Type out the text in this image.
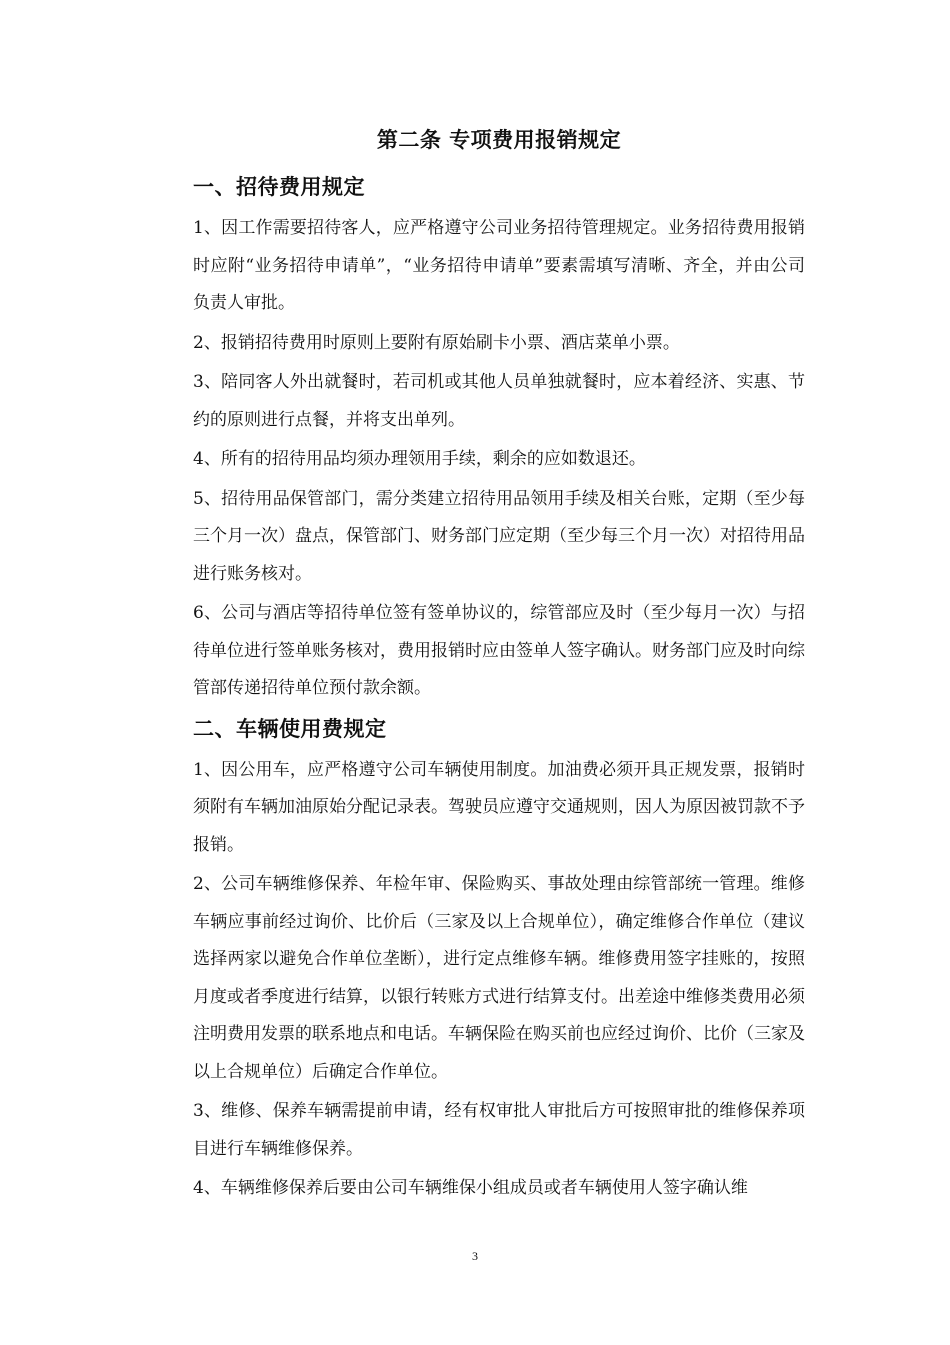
第二条 专项费用报销规定
一、招待费用规定

1、因工作需要招待客人，应严格遵守公司业务招待管理规定。业务招待费用报销时应附“业务招待申请单”，“业务招待申请单”要素需填写清晰、齐全，并由公司负责人审批。

2、报销招待费用时原则上要附有原始刷卡小票、酒店菜单小票。

3、陪同客人外出就餐时，若司机或其他人员单独就餐时，应本着经济、实惠、节约的原则进行点餐，并将支出单列。

4、所有的招待用品均须办理领用手续，剩余的应如数退还。

5、招待用品保管部门，需分类建立招待用品领用手续及相关台账，定期（至少每三个月一次）盘点，保管部门、财务部门应定期（至少每三个月一次）对招待用品进行账务核对。

6、公司与酒店等招待单位签有签单协议的，综管部应及时（至少每月一次）与招待单位进行签单账务核对，费用报销时应由签单人签字确认。财务部门应及时向综管部传递招待单位预付款余额。

二、车辆使用费规定

1、因公用车，应严格遵守公司车辆使用制度。加油费必须开具正规发票，报销时须附有车辆加油原始分配记录表。驾驶员应遵守交通规则，因人为原因被罚款不予报销。

2、公司车辆维修保养、年检年审、保险购买、事故处理由综管部统一管理。维修车辆应事前经过询价、比价后（三家及以上合规单位），确定维修合作单位（建议选择两家以避免合作单位垄断），进行定点维修车辆。维修费用签字挂账的，按照月度或者季度进行结算，以银行转账方式进行结算支付。出差途中维修类费用必须注明费用发票的联系地点和电话。车辆保险在购买前也应经过询价、比价（三家及以上合规单位）后确定合作单位。

3、维修、保养车辆需提前申请，经有权审批人审批后方可按照审批的维修保养项目进行车辆维修保养。

4、车辆维修保养后要由公司车辆维保小组成员或者车辆使用人签字确认维

3
